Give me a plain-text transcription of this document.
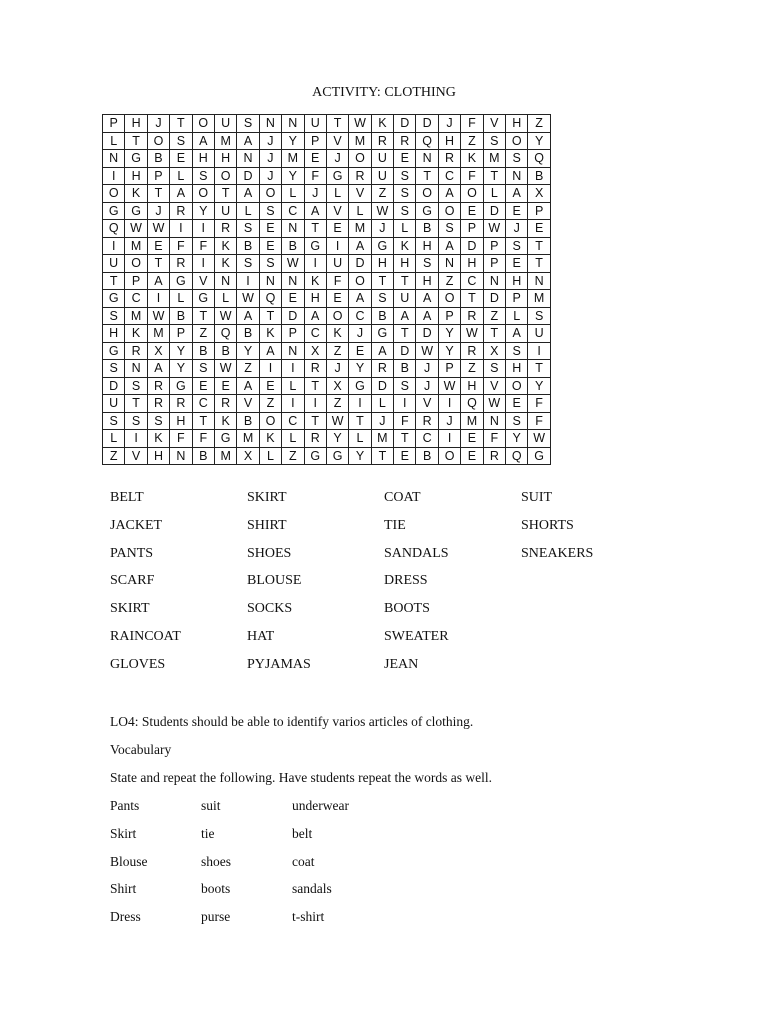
ACTIVITY: CLOTHING
P	H	J	T	O	U	S	N	N	U	T	W	K	D	D	J	F	V	H	Z
L	T	O	S	A	M	A	J	Y	P	V	M	R	R	Q	H	Z	S	O	Y
N	G	B	E	H	H	N	J	M	E	J	O	U	E	N	R	K	M	S	Q
I	H	P	L	S	O	D	J	Y	F	G	R	U	S	T	C	F	T	N	B
O	K	T	A	O	T	A	O	L	J	L	V	Z	S	O	A	O	L	A	X
G	G	J	R	Y	U	L	S	C	A	V	L	W	S	G	O	E	D	E	P
Q	W	W	I	I	R	S	E	N	T	E	M	J	L	B	S	P	W	J	E
I	M	E	F	F	K	B	E	B	G	I	A	G	K	H	A	D	P	S	T
U	O	T	R	I	K	S	S	W	I	U	D	H	H	S	N	H	P	E	T
T	P	A	G	V	N	I	N	N	K	F	O	T	T	H	Z	C	N	H	N
G	C	I	L	G	L	W	Q	E	H	E	A	S	U	A	O	T	D	P	M
S	M	W	B	T	W	A	T	D	A	O	C	B	A	A	P	R	Z	L	S
H	K	M	P	Z	Q	B	K	P	C	K	J	G	T	D	Y	W	T	A	U
G	R	X	Y	B	B	Y	A	N	X	Z	E	A	D	W	Y	R	X	S	I
S	N	A	Y	S	W	Z	I	I	R	J	Y	R	B	J	P	Z	S	H	T
D	S	R	G	E	E	A	E	L	T	X	G	D	S	J	W	H	V	O	Y
U	T	R	R	C	R	V	Z	I	I	Z	I	L	I	V	I	Q	W	E	F
S	S	S	H	T	K	B	O	C	T	W	T	J	F	R	J	M	N	S	F
L	I	K	F	F	G	M	K	L	R	Y	L	M	T	C	I	E	F	Y	W
Z	V	H	N	B	M	X	L	Z	G	G	Y	T	E	B	O	E	R	Q	G
BELT	SKIRT	COAT	SUIT
JACKET	SHIRT	TIE	SHORTS
PANTS	SHOES	SANDALS	SNEAKERS
SCARF	BLOUSE	DRESS
SKIRT	SOCKS	BOOTS
RAINCOAT	HAT	SWEATER
GLOVES	PYJAMAS	JEAN
LO4: Students should be able to identify varios articles of clothing.
Vocabulary
State and repeat the following. Have students repeat the words as well.
Pants	suit	underwear
Skirt	tie	belt
Blouse	shoes	coat
Shirt	boots	sandals
Dress	purse	t-shirt
